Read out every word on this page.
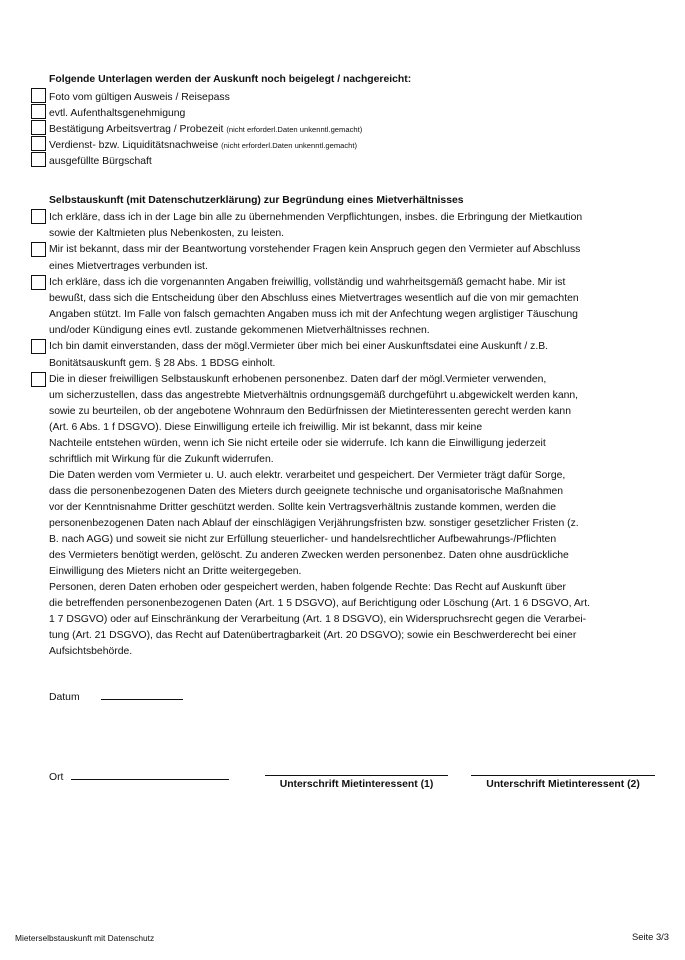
Folgende Unterlagen werden der Auskunft noch beigelegt / nachgereicht:
Foto vom gültigen Ausweis / Reisepass
evtl. Aufenthaltsgenehmigung
Bestätigung Arbeitsvertrag / Probezeit (nicht erforderl.Daten unkenntl.gemacht)
Verdienst- bzw. Liquiditätsnachweise (nicht erforderl.Daten unkenntl.gemacht)
ausgefüllte Bürgschaft
Selbstauskunft (mit Datenschutzerklärung) zur Begründung eines Mietverhältnisses
Ich erkläre, dass ich in der Lage bin alle zu übernehmenden Verpflichtungen, insbes. die Erbringung der Mietkaution
sowie der Kaltmieten plus Nebenkosten, zu leisten.
Mir ist bekannt, dass mir der Beantwortung vorstehender Fragen kein Anspruch gegen den Vermieter auf Abschluss
eines Mietvertrages verbunden ist.
Ich erkläre, dass ich die vorgenannten Angaben freiwillig, vollständig und wahrheitsgemäß gemacht habe. Mir ist
bewußt, dass sich die Entscheidung über den Abschluss eines Mietvertrages wesentlich auf die von mir gemachten
Angaben stützt. Im Falle von falsch gemachten Angaben muss ich mit der Anfechtung wegen arglistiger Täuschung
und/oder Kündigung eines evtl. zustande gekommenen Mietverhältnisses rechnen.
Ich bin damit einverstanden, dass der mögl.Vermieter über mich bei einer Auskunftsdatei eine Auskunft / z.B.
Bonitätsauskunft gem. § 28 Abs. 1 BDSG einholt.
Die in dieser freiwilligen Selbstauskunft erhobenen personenbez. Daten darf der mögl.Vermieter verwenden,
um sicherzustellen, dass das angestrebte Mietverhältnis ordnungsgemäß durchgeführt u.abgewickelt werden kann,
sowie zu beurteilen, ob der angebotene Wohnraum den Bedürfnissen der Mietinteressenten gerecht werden kann
(Art. 6 Abs. 1 f DSGVO). Diese Einwilligung erteile ich freiwillig. Mir ist bekannt, dass mir keine
Nachteile entstehen würden, wenn ich Sie nicht erteile oder sie widerrufe. Ich kann die Einwilligung jederzeit
schriftlich mit Wirkung für die Zukunft widerrufen.
Die Daten werden vom Vermieter u. U. auch elektr. verarbeitet und gespeichert. Der Vermieter trägt dafür Sorge,
dass die personenbezogenen Daten des Mieters durch geeignete technische und organisatorische Maßnahmen
vor der Kenntnisnahme Dritter geschützt werden. Sollte kein Vertragsverhältnis zustande kommen, werden die
personenbezogenen Daten nach Ablauf der einschlägigen Verjährungsfristen bzw. sonstiger gesetzlicher Fristen (z.
B. nach AGG) und soweit sie nicht zur Erfüllung steuerlicher- und handelsrechtlicher Aufbewahrungs-/Pflichten
des Vermieters benötigt werden, gelöscht. Zu anderen Zwecken werden personenbez. Daten ohne ausdrückliche
Einwilligung des Mieters nicht an Dritte weitergegeben.
Personen, deren Daten erhoben oder gespeichert werden, haben folgende Rechte: Das Recht auf Auskunft über
die betreffenden personenbezogenen Daten (Art. 1 5 DSGVO), auf Berichtigung oder Löschung (Art. 1 6 DSGVO, Art.
1 7 DSGVO) oder auf Einschränkung der Verarbeitung (Art. 1 8 DSGVO), ein Widerspruchsrecht gegen die Verarbei-
tung (Art. 21 DSGVO), das Recht auf Datenübertragbarkeit (Art. 20 DSGVO); sowie ein Beschwerderecht bei einer
Aufsichtsbehörde.
Datum
Ort
Unterschrift Mietinteressent (1)	Unterschrift Mietinteressent (2)
Mieterselbstauskunft mit Datenschutz	Seite 3/3
